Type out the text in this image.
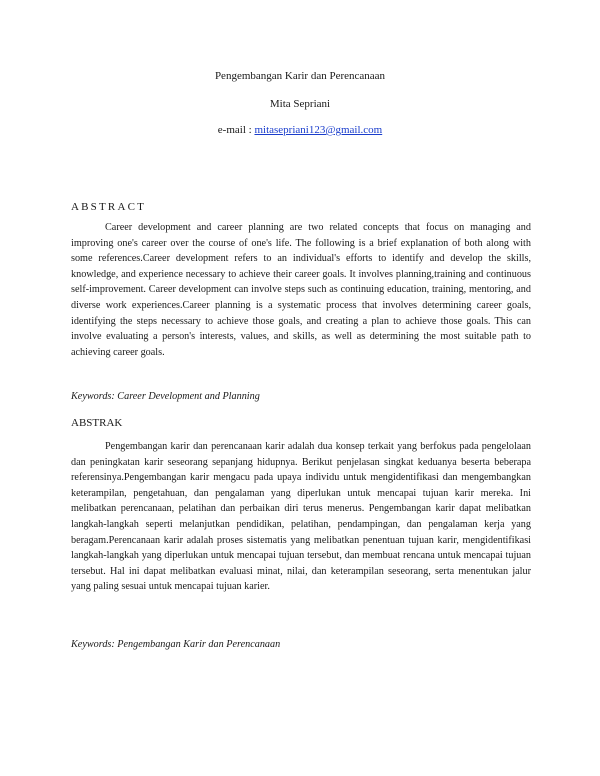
Pengembangan Karir dan Perencanaan
Mita Sepriani
e-mail : mitasepriani123@gmail.com
ABSTRACT

Career development and career planning are two related concepts that focus on managing and improving one's career over the course of one's life. The following is a brief explanation of both along with some references.Career development refers to an individual's efforts to identify and develop the skills, knowledge, and experience necessary to achieve their career goals. It involves planning,training and continuous self-improvement. Career development can involve steps such as continuing education, training, mentoring, and diverse work experiences.Career planning is a systematic process that involves determining career goals, identifying the steps necessary to achieve those goals, and creating a plan to achieve those goals. This can involve evaluating a person's interests, values, and skills, as well as determining the most suitable path to achieving career goals.

Keywords: Career Development and Planning

ABSTRAK

Pengembangan karir dan perencanaan karir adalah dua konsep terkait yang berfokus pada pengelolaan dan peningkatan karir seseorang sepanjang hidupnya. Berikut penjelasan singkat keduanya beserta beberapa referensinya.Pengembangan karir mengacu pada upaya individu untuk mengidentifikasi dan mengembangkan keterampilan, pengetahuan, dan pengalaman yang diperlukan untuk mencapai tujuan karir mereka. Ini melibatkan perencanaan, pelatihan dan perbaikan diri terus menerus. Pengembangan karir dapat melibatkan langkah-langkah seperti melanjutkan pendidikan, pelatihan, pendampingan, dan pengalaman kerja yang beragam.Perencanaan karir adalah proses sistematis yang melibatkan penentuan tujuan karir, mengidentifikasi langkah-langkah yang diperlukan untuk mencapai tujuan tersebut, dan membuat rencana untuk mencapai tujuan tersebut. Hal ini dapat melibatkan evaluasi minat, nilai, dan keterampilan seseorang, serta menentukan jalur yang paling sesuai untuk mencapai tujuan karier.

Keywords: Pengembangan Karir dan Perencanaan
